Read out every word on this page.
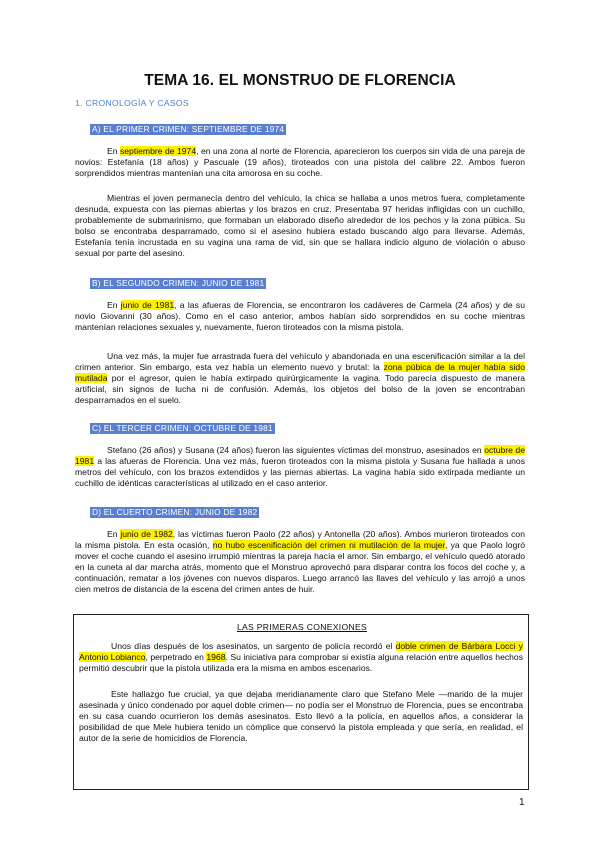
TEMA 16. EL MONSTRUO DE FLORENCIA
1. CRONOLOGÍA Y CASOS
A) EL PRIMER CRIMEN: SEPTIEMBRE DE 1974

En septiembre de 1974, en una zona al norte de Florencia, aparecieron los cuerpos sin vida de una pareja de novios: Estefanía (18 años) y Pascuale (19 años), tiroteados con una pistola del calibre 22. Ambos fueron sorprendidos mientras mantenían una cita amorosa en su coche.

Mientras el joven permanecía dentro del vehículo, la chica se hallaba a unos metros fuera, completamente desnuda, expuesta con las piernas abiertas y los brazos en cruz. Presentaba 97 heridas infligidas con un cuchillo, probablemente de submarinismo, que formaban un elaborado diseño alrededor de los pechos y la zona púbica. Su bolso se encontraba desparramado, como si el asesino hubiera estado buscando algo para llevarse. Además, Estefanía tenía incrustada en su vagina una rama de vid, sin que se hallara indicio alguno de violación o abuso sexual por parte del asesino.

B) EL SEGUNDO CRIMEN: JUNIO DE 1981

En junio de 1981, a las afueras de Florencia, se encontraron los cadáveres de Carmela (24 años) y de su novio Giovanni (30 años). Como en el caso anterior, ambos habían sido sorprendidos en su coche mientras mantenían relaciones sexuales y, nuevamente, fueron tiroteados con la misma pistola.

Una vez más, la mujer fue arrastrada fuera del vehículo y abandonada en una escenificación similar a la del crimen anterior. Sin embargo, esta vez había un elemento nuevo y brutal: la zona púbica de la mujer había sido mutilada por el agresor, quien le había extirpado quirúrgicamente la vagina. Todo parecía dispuesto de manera artificial, sin signos de lucha ni de confusión. Además, los objetos del bolso de la joven se encontraban desparramados en el suelo.

C) EL TERCER CRIMEN: OCTUBRE DE 1981

Stefano (26 años) y Susana (24 años) fueron las siguientes víctimas del monstruo, asesinados en octubre de 1981 a las afueras de Florencia. Una vez más, fueron tiroteados con la misma pistola y Susana fue hallada a unos metros del vehículo, con los brazos extendidos y las piernas abiertas. La vagina había sido extirpada mediante un cuchillo de idénticas características al utilizado en el caso anterior.

D) EL CUERTO CRIMEN: JUNIO DE 1982

En junio de 1982, las víctimas fueron Paolo (22 años) y Antonella (20 años). Ambos murieron tiroteados con la misma pistola. En esta ocasión, no hubo escenificación del crimen ni mutilación de la mujer, ya que Paolo logró mover el coche cuando el asesino irrumpió mientras la pareja hacía el amor. Sin embargo, el vehículo quedó atorado en la cuneta al dar marcha atrás, momento que el Monstruo aprovechó para disparar contra los focos del coche y, a continuación, rematar a los jóvenes con nuevos disparos. Luego arrancó las llaves del vehículo y las arrojó a unos cien metros de distancia de la escena del crimen antes de huir.

LAS PRIMERAS CONEXIONES

Unos días después de los asesinatos, un sargento de policía recordó el doble crimen de Bárbara Locci y Antonio Lobianco, perpetrado en 1968. Su iniciativa para comprobar si existía alguna relación entre aquellos hechos permitió descubrir que la pistola utilizada era la misma en ambos escenarios.

Este hallazgo fue crucial, ya que dejaba meridianamente claro que Stefano Mele —marido de la mujer asesinada y único condenado por aquel doble crimen— no podía ser el Monstruo de Florencia, pues se encontraba en su casa cuando ocurrieron los demás asesinatos. Esto llevó a la policía, en aquellos años, a considerar la posibilidad de que Mele hubiera tenido un cómplice que conservó la pistola empleada y que sería, en realidad, el autor de la serie de homicidios de Florencia.

1
